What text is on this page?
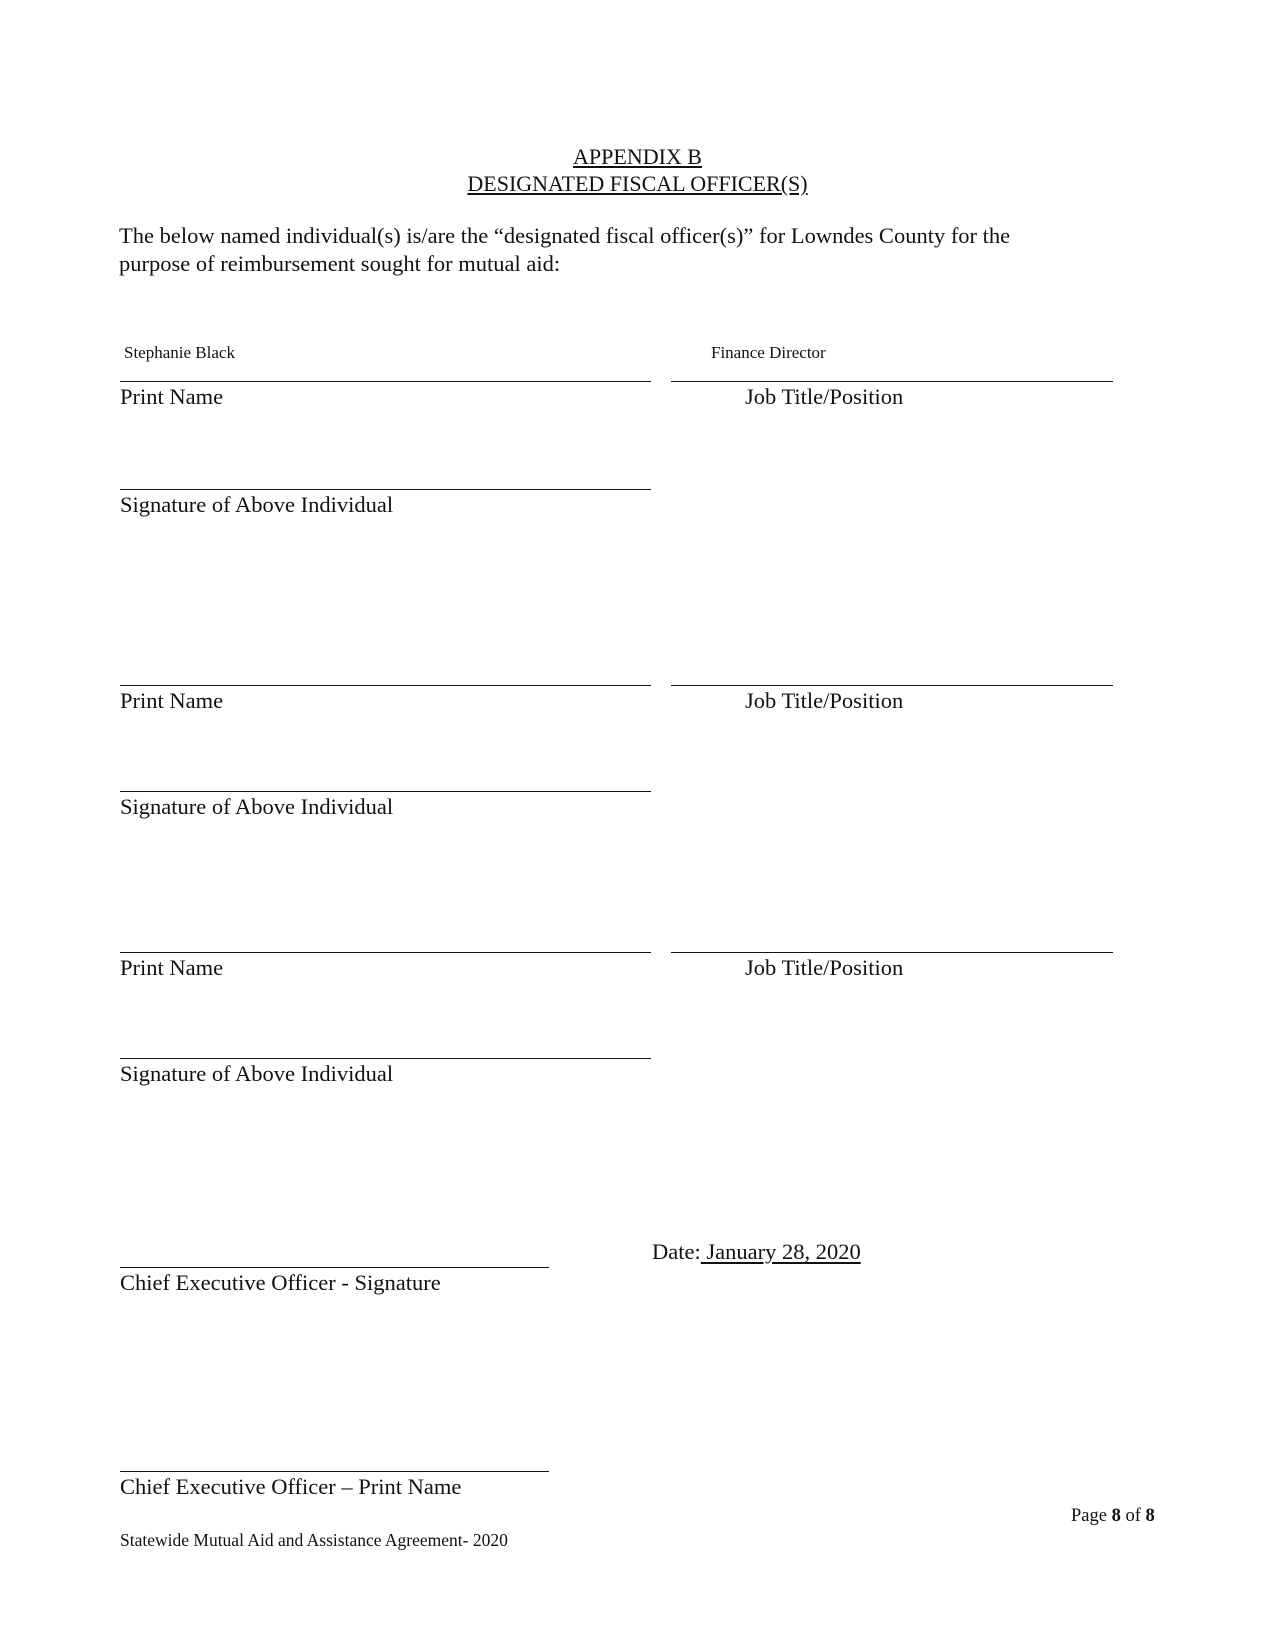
APPENDIX B
DESIGNATED FISCAL OFFICER(S)
The below named individual(s) is/are the “designated fiscal officer(s)” for Lowndes County for the
purpose of reimbursement sought for mutual aid:
Stephanie Black	Finance Director
Print Name	Job Title/Position
Signature of Above Individual
Print Name	Job Title/Position
Signature of Above Individual
Print Name	Job Title/Position
Signature of Above Individual
Date: January 28, 2020
Chief Executive Officer - Signature
Chief Executive Officer – Print Name
Page 8 of 8
Statewide Mutual Aid and Assistance Agreement- 2020
